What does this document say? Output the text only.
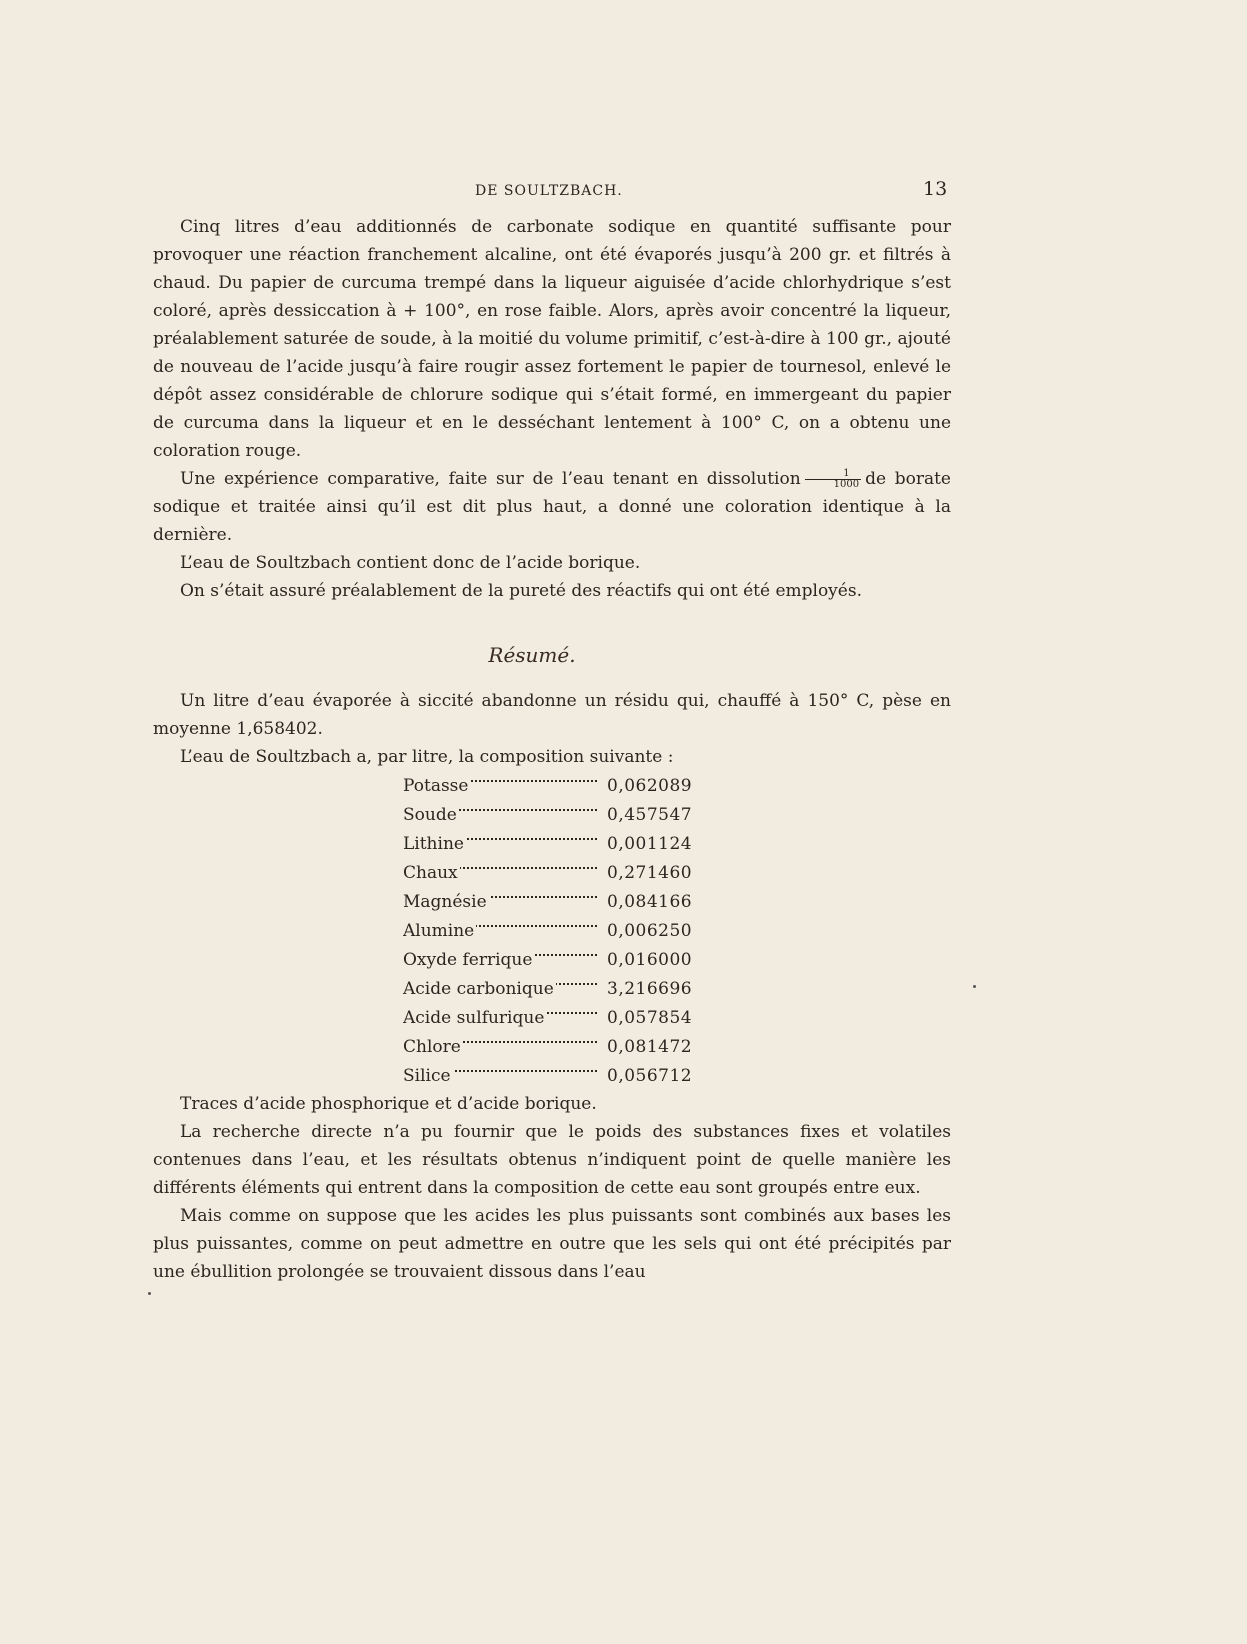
DE SOULTZBACH.	13

Cinq litres d’eau additionnés de carbonate sodique en quantité suffisante pour provoquer une réaction franchement alcaline, ont été évaporés jusqu’à 200 gr. et filtrés à chaud. Du papier de curcuma trempé dans la liqueur aiguisée d’acide chlorhydrique s’est coloré, après dessiccation à + 100°, en rose faible. Alors, après avoir concentré la liqueur, préalablement saturée de soude, à la moitié du volume primitif, c’est-à-dire à 100 gr., ajouté de nouveau de l’acide jusqu’à faire rougir assez fortement le papier de tournesol, enlevé le dépôt assez considérable de chlorure sodique qui s’était formé, en immergeant du papier de curcuma dans la liqueur et en le desséchant lentement à 100° C, on a obtenu une coloration rouge.

Une expérience comparative, faite sur de l’eau tenant en dissolution $\frac{1}{1000}$ de borate sodique et traitée ainsi qu’il est dit plus haut, a donné une coloration identique à la dernière.

L’eau de Soultzbach contient donc de l’acide borique.

On s’était assuré préalablement de la pureté des réactifs qui ont été employés.

Résumé.

Un litre d’eau évaporée à siccité abandonne un résidu qui, chauffé à 150° C, pèse en moyenne 1,658402.

L’eau de Soultzbach a, par litre, la composition suivante :

Potasse	0,062089

Soude	0,457547

Lithine	0,001124

Chaux	0,271460

Magnésie	0,084166

Alumine	0,006250

Oxyde ferrique	0,016000

Acide carbonique	3,216696

Acide sulfurique	0,057854

Chlore	0,081472

Silice	0,056712

Traces d’acide phosphorique et d’acide borique.

La recherche directe n’a pu fournir que le poids des substances fixes et volatiles contenues dans l’eau, et les résultats obtenus n’indiquent point de quelle manière les différents éléments qui entrent dans la composition de cette eau sont groupés entre eux.

Mais comme on suppose que les acides les plus puissants sont combinés aux bases les plus puissantes, comme on peut admettre en outre que les sels qui ont été précipités par une ébullition prolongée se trouvaient dissous dans l’eau
